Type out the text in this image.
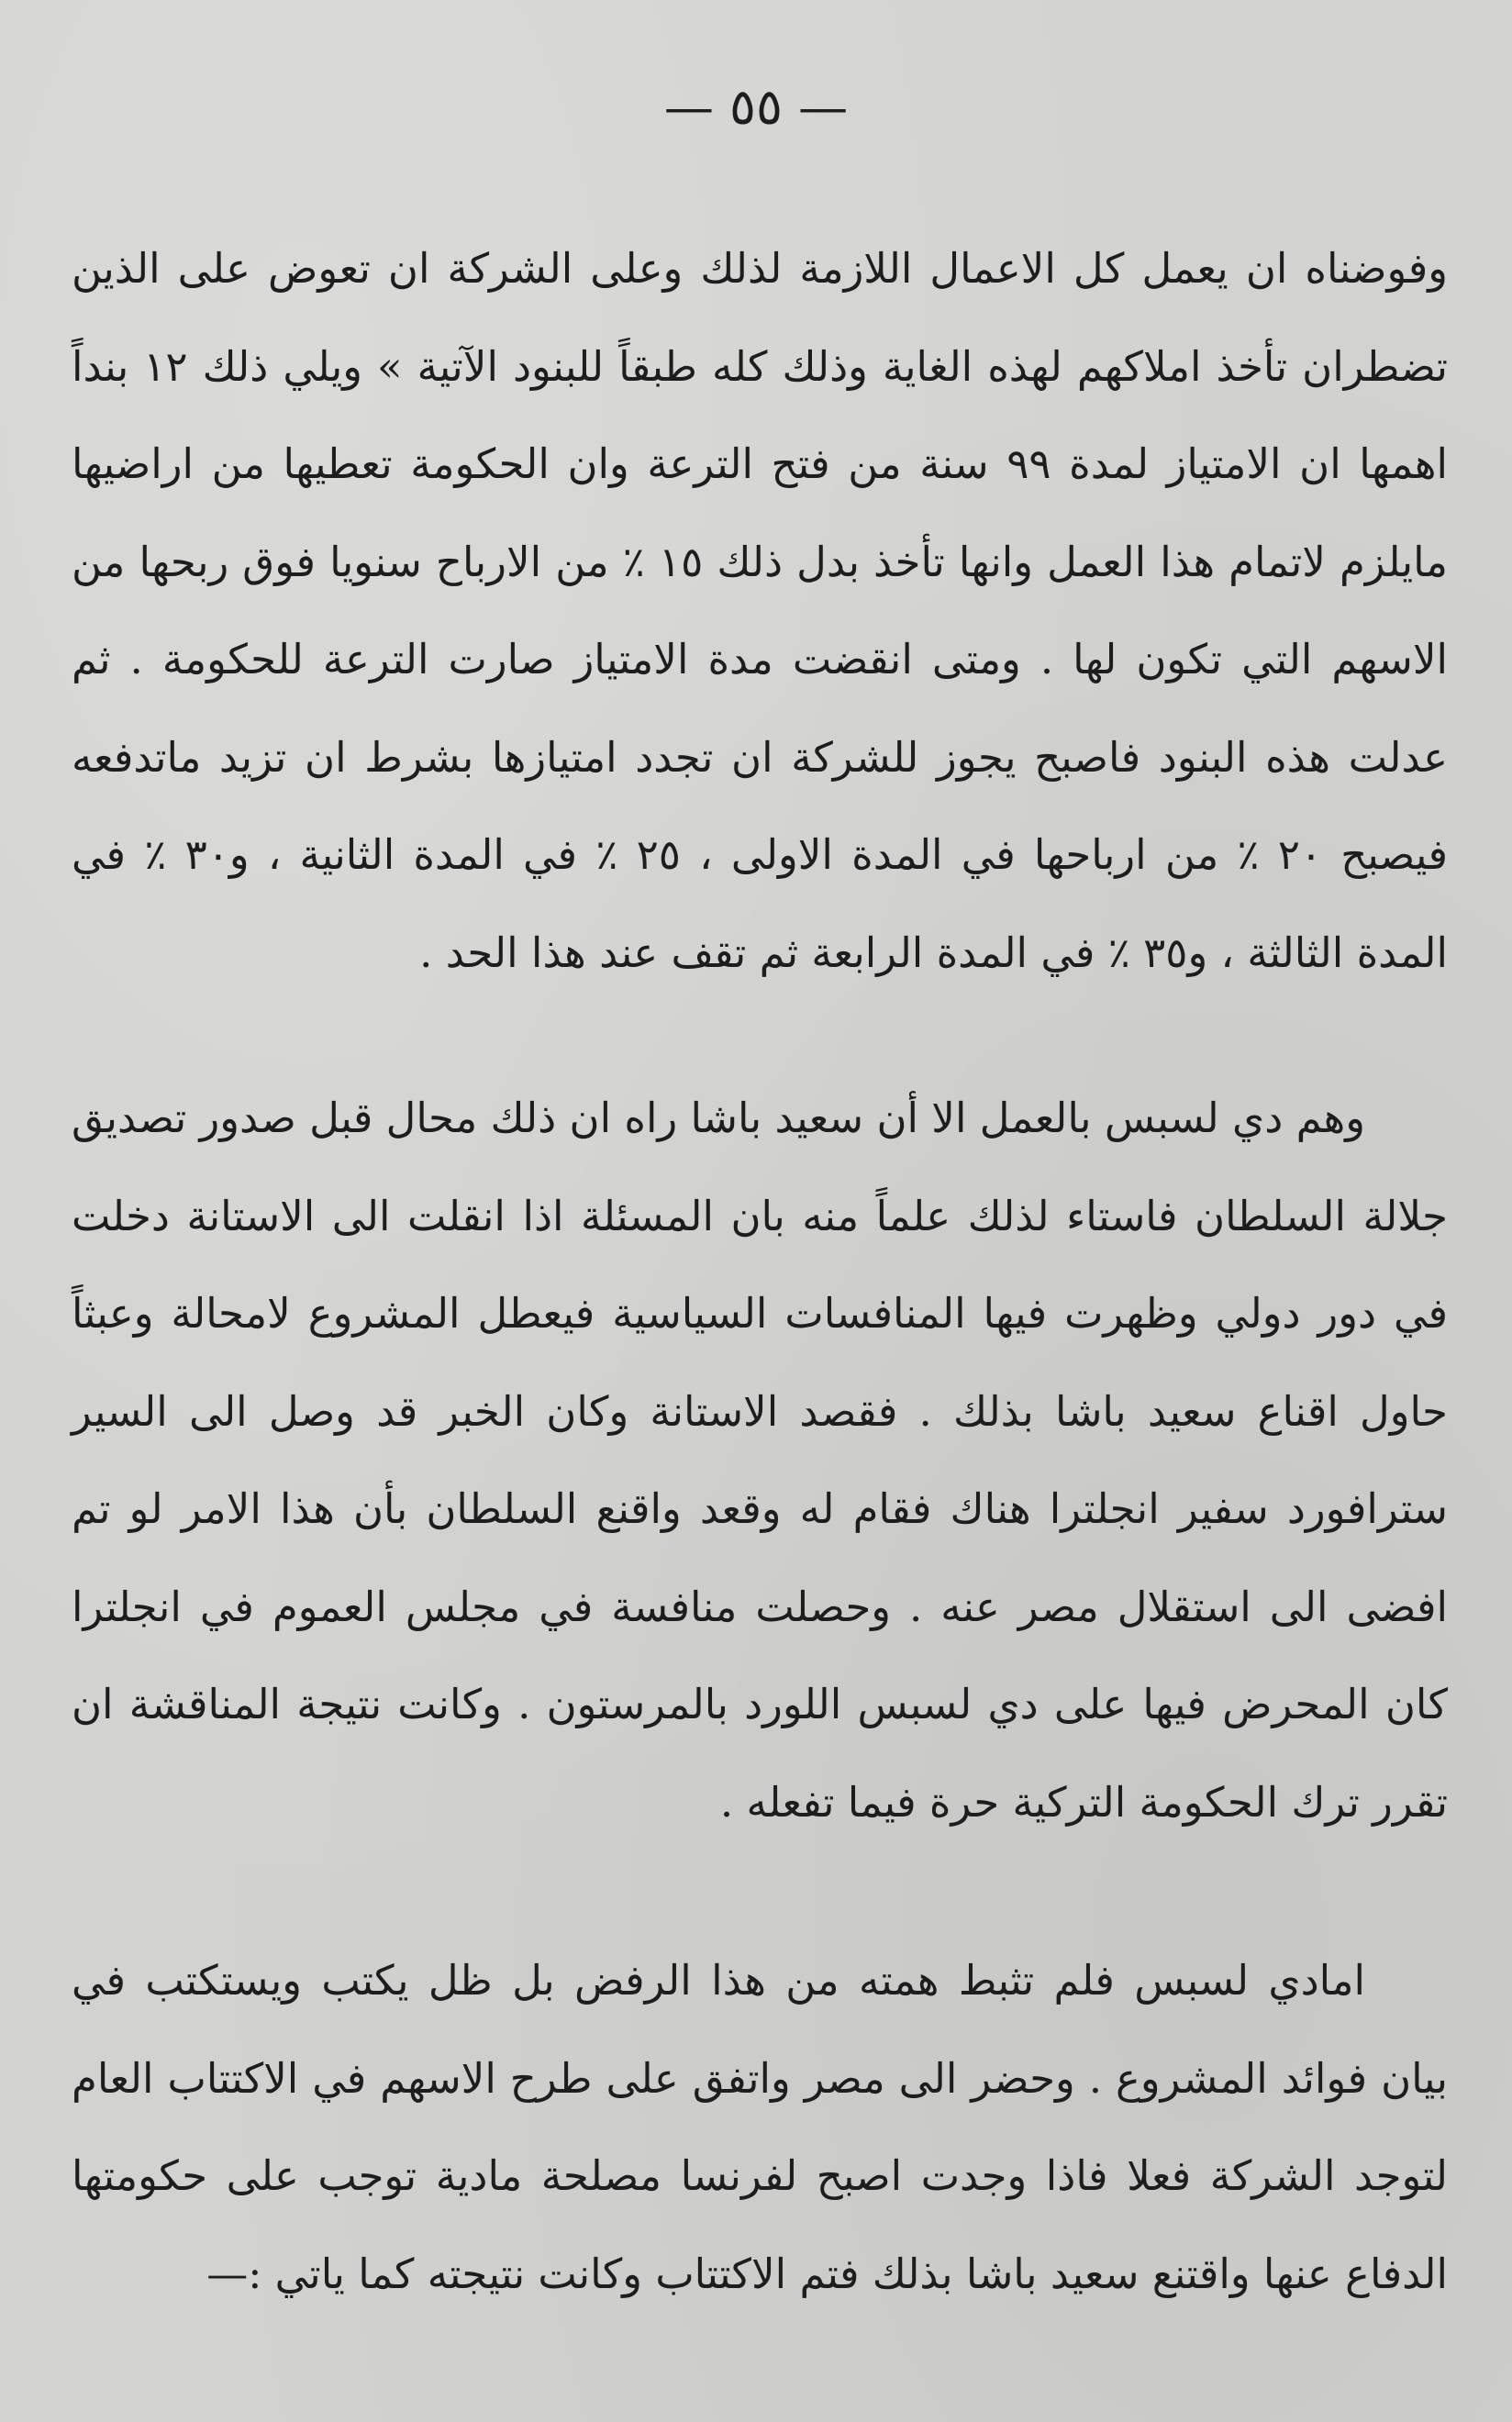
— ٥٥ —

وفوضناه ان يعمل كل الاعمال اللازمة لذلك وعلى الشركة ان تعوض على الذين تضطران تأخذ املاكهم لهذه الغاية وذلك كله طبقاً للبنود الآتية » ويلي ذلك ١٢ بنداً اهمها ان الامتياز لمدة ٩٩ سنة من فتح الترعة وان الحكومة تعطيها من اراضيها مايلزم لاتمام هذا العمل وانها تأخذ بدل ذلك ١٥ ٪ من الارباح سنويا فوق ربحها من الاسهم التي تكون لها . ومتى انقضت مدة الامتياز صارت الترعة للحكومة . ثم عدلت هذه البنود فاصبح يجوز للشركة ان تجدد امتيازها بشرط ان تزيد ماتدفعه فيصبح ٢٠ ٪ من ارباحها في المدة الاولى ، ٢٥ ٪ في المدة الثانية ، و٣٠ ٪ في المدة الثالثة ، و٣٥ ٪ في المدة الرابعة ثم تقف عند هذا الحد .

وهم دي لسبس بالعمل الا أن سعيد باشا راه ان ذلك محال قبل صدور تصديق جلالة السلطان فاستاء لذلك علماً منه بان المسئلة اذا انقلت الى الاستانة دخلت في دور دولي وظهرت فيها المنافسات السياسية فيعطل المشروع لامحالة وعبثاً حاول اقناع سعيد باشا بذلك . فقصد الاستانة وكان الخبر قد وصل الى السير سترافورد سفير انجلترا هناك فقام له وقعد واقنع السلطان بأن هذا الامر لو تم افضى الى استقلال مصر عنه . وحصلت منافسة في مجلس العموم في انجلترا كان المحرض فيها على دي لسبس اللورد بالمرستون . وكانت نتيجة المناقشة ان تقرر ترك الحكومة التركية حرة فيما تفعله .

امادي لسبس فلم تثبط همته من هذا الرفض بل ظل يكتب ويستكتب في بيان فوائد المشروع . وحضر الى مصر واتفق على طرح الاسهم في الاكتتاب العام لتوجد الشركة فعلا فاذا وجدت اصبح لفرنسا مصلحة مادية توجب على حكومتها الدفاع عنها واقتنع سعيد باشا بذلك فتم الاكتتاب وكانت نتيجته كما ياتي :—
